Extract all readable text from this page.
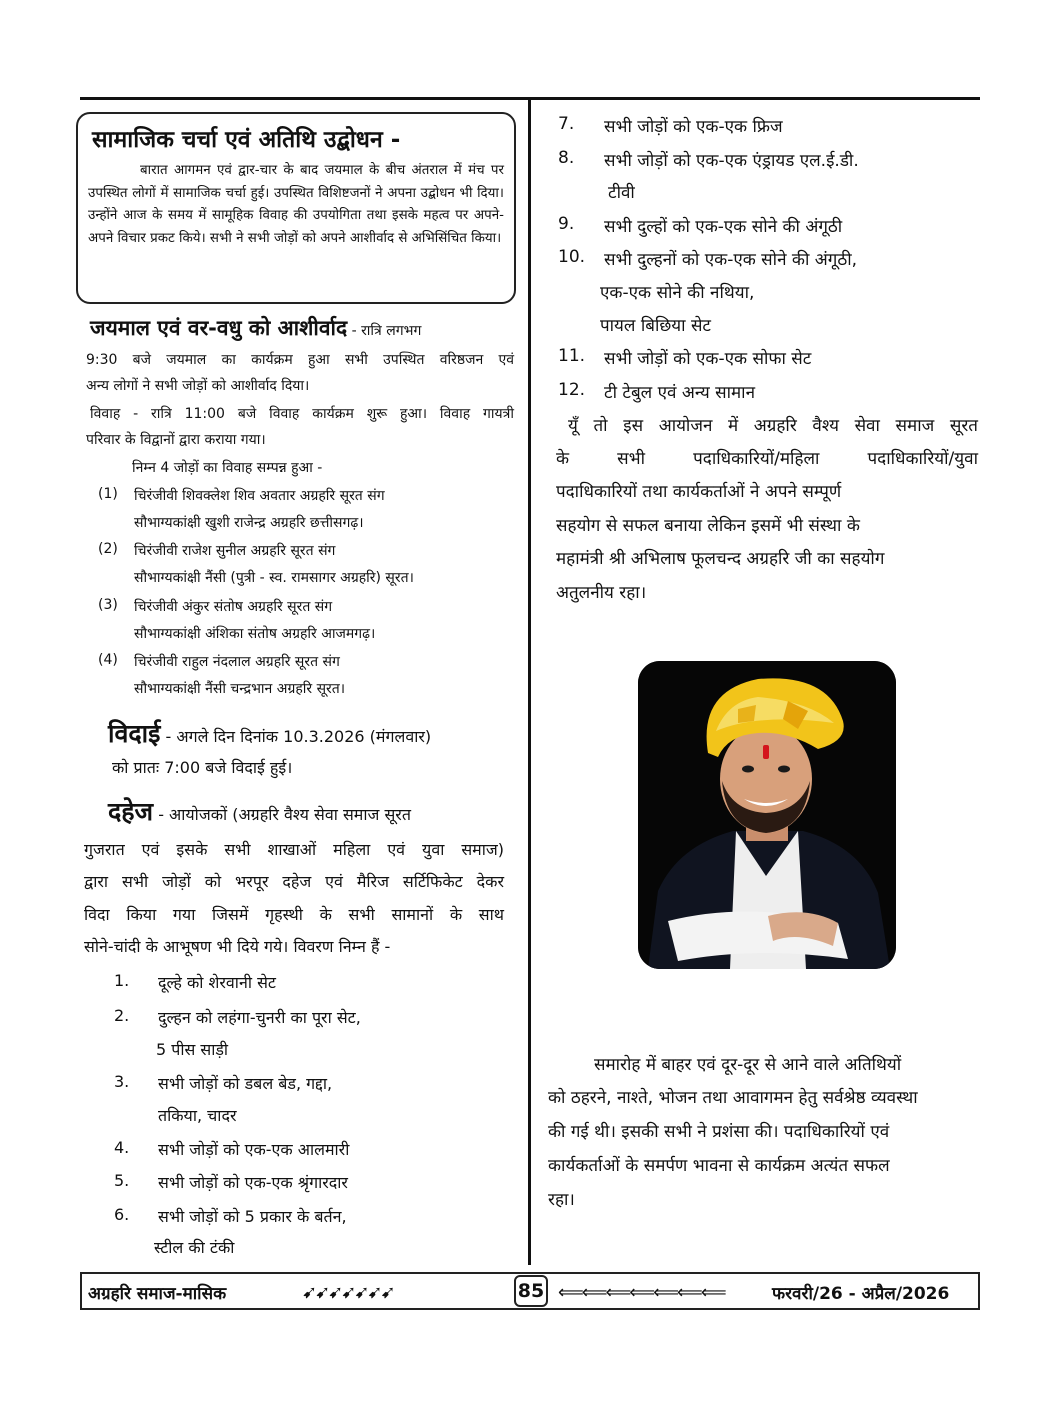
सामाजिक चर्चा एवं अतिथि उद्बोधन -

बारात आगमन एवं द्वार-चार के बाद जयमाल के बीच अंतराल में मंच पर उपस्थित लोगों में सामाजिक चर्चा हुई। उपस्थित विशिष्टजनों ने अपना उद्बोधन भी दिया। उन्होंने आज के समय में सामूहिक विवाह की उपयोगिता तथा इसके महत्व पर अपने-अपने विचार प्रकट किये। सभी ने सभी जोड़ों को अपने आशीर्वाद से अभिसिंचित किया।

जयमाल एवं वर-वधु को आशीर्वाद - रात्रि लगभग
9:30 बजे जयमाल का कार्यक्रम हुआ सभी उपस्थित वरिष्ठजन एवं
अन्य लोगों ने सभी जोड़ों को आशीर्वाद दिया।
विवाह - रात्रि 11:00 बजे विवाह कार्यक्रम शुरू हुआ। विवाह गायत्री
परिवार के विद्वानों द्वारा कराया गया।
निम्न 4 जोड़ों का विवाह सम्पन्न हुआ -
(1) चिरंजीवी शिवक्लेश शिव अवतार अग्रहरि सूरत संग
सौभाग्यकांक्षी खुशी राजेन्द्र अग्रहरि छत्तीसगढ़।
(2) चिरंजीवी राजेश सुनील अग्रहरि सूरत संग
सौभाग्यकांक्षी नैंसी (पुत्री - स्व. रामसागर अग्रहरि) सूरत।
(3) चिरंजीवी अंकुर संतोष अग्रहरि सूरत संग
सौभाग्यकांक्षी अंशिका संतोष अग्रहरि आजमगढ़।
(4) चिरंजीवी राहुल नंदलाल अग्रहरि सूरत संग
सौभाग्यकांक्षी नैंसी चन्द्रभान अग्रहरि सूरत।
विदाई - अगले दिन दिनांक 10.3.2026 (मंगलवार)
को प्रातः 7:00 बजे विदाई हुई।
दहेज - आयोजकों (अग्रहरि वैश्य सेवा समाज सूरत
गुजरात एवं इसके सभी शाखाओं महिला एवं युवा समाज)
द्वारा सभी जोड़ों को भरपूर दहेज एवं मैरिज सर्टिफिकेट देकर
विदा किया गया जिसमें गृहस्थी के सभी सामानों के साथ
सोने-चांदी के आभूषण भी दिये गये। विवरण निम्न हैं -
1. दूल्हे को शेरवानी सेट
2. दुल्हन को लहंगा-चुनरी का पूरा सेट,
5 पीस साड़ी
3. सभी जोड़ों को डबल बेड, गद्दा,
तकिया, चादर
4. सभी जोड़ों को एक-एक आलमारी
5. सभी जोड़ों को एक-एक श्रृंगारदार
6. सभी जोड़ों को 5 प्रकार के बर्तन,
स्टील की टंकी
7. सभी जोड़ों को एक-एक फ्रिज
8. सभी जोड़ों को एक-एक एंड्रायड एल.ई.डी.
टीवी
9. सभी दुल्हों को एक-एक सोने की अंगूठी
10. सभी दुल्हनों को एक-एक सोने की अंगूठी,
एक-एक सोने की नथिया,
पायल बिछिया सेट
11. सभी जोड़ों को एक-एक सोफा सेट
12. टी टेबुल एवं अन्य सामान
यूँ तो इस आयोजन में अग्रहरि वैश्य सेवा समाज सूरत
के सभी पदाधिकारियों/महिला पदाधिकारियों/युवा
पदाधिकारियों तथा कार्यकर्ताओं ने अपने सम्पूर्ण
सहयोग से सफल बनाया लेकिन इसमें भी संस्था के
महामंत्री श्री अभिलाष फूलचन्द अग्रहरि जी का सहयोग
अतुलनीय रहा।
समारोह में बाहर एवं दूर-दूर से आने वाले अतिथियों
को ठहरने, नाश्ते, भोजन तथा आवागमन हेतु सर्वश्रेष्ठ व्यवस्था
की गई थी। इसकी सभी ने प्रशंसा की। पदाधिकारियों एवं
कार्यकर्ताओं के समर्पण भावना से कार्यक्रम अत्यंत सफल
रहा।
अग्रहरि समाज-मासिक	➹➹➹➹➹➹➹	85 ⟸⟸⟸⟸⟸⟸⟸	फरवरी/26 - अप्रैल/2026
